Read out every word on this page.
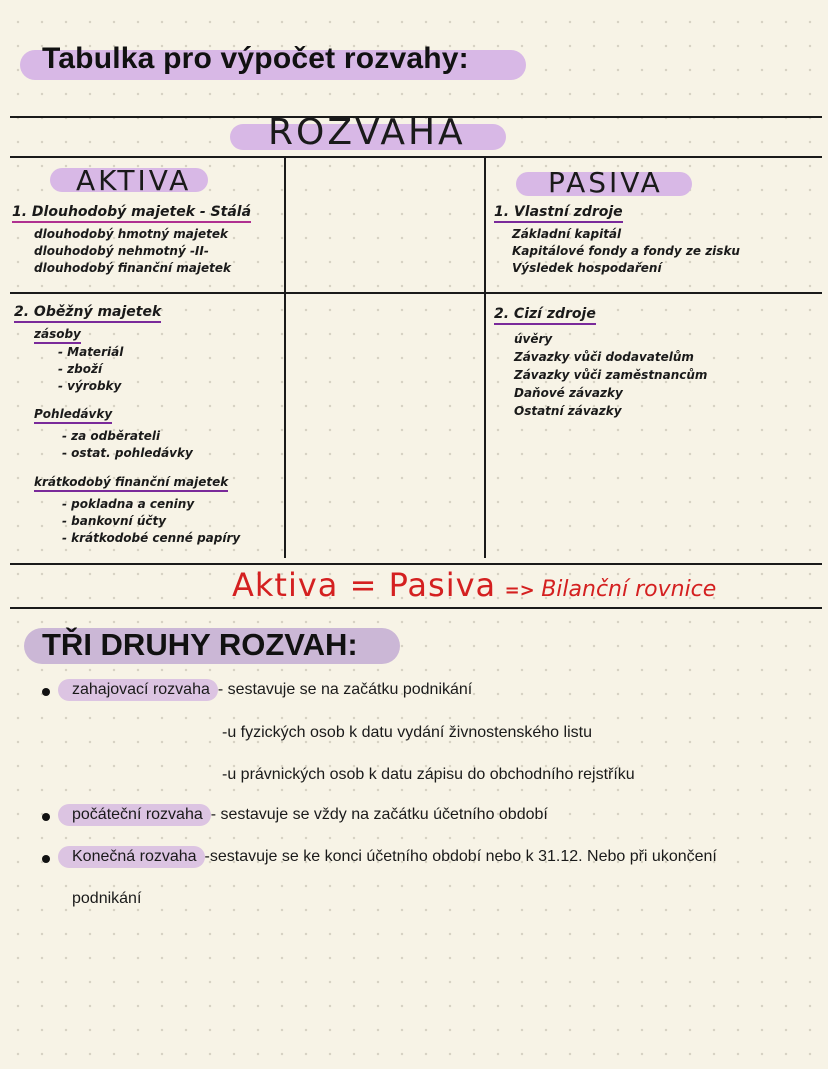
Tabulka pro výpočet rozvahy:
ROZVAHA
AKTIVA
1. Dlouhodobý majetek - Stálá
dlouhodobý hmotný majetek
dlouhodobý nehmotný -II-
dlouhodobý finanční majetek
2. Oběžný majetek
zásoby
- Materiál
- zboží
- výrobky
Pohledávky
- za odběrateli
- ostat. pohledávky
krátkodobý finanční majetek
- pokladna a ceniny
- bankovní účty
- krátkodobé cenné papíry
PASIVA
1. Vlastní zdroje
Základní kapitál
Kapitálové fondy a fondy ze zisku
Výsledek hospodaření
2. Cizí zdroje
úvěry
Závazky vůči dodavatelům
Závazky vůči zaměstnancům
Daňové závazky
Ostatní závazky
Aktiva = Pasiva => Bilanční rovnice
TŘI DRUHY ROZVAH:
zahajovací rozvaha - sestavuje se na začátku podnikání
-u fyzických osob k datu vydání živnostenského listu
-u právnických osob k datu zápisu do obchodního rejstříku
počáteční rozvaha - sestavuje se vždy na začátku účetního období
Konečná rozvaha -sestavuje se ke konci účetního období nebo k 31.12. Nebo při ukončení
podnikání
